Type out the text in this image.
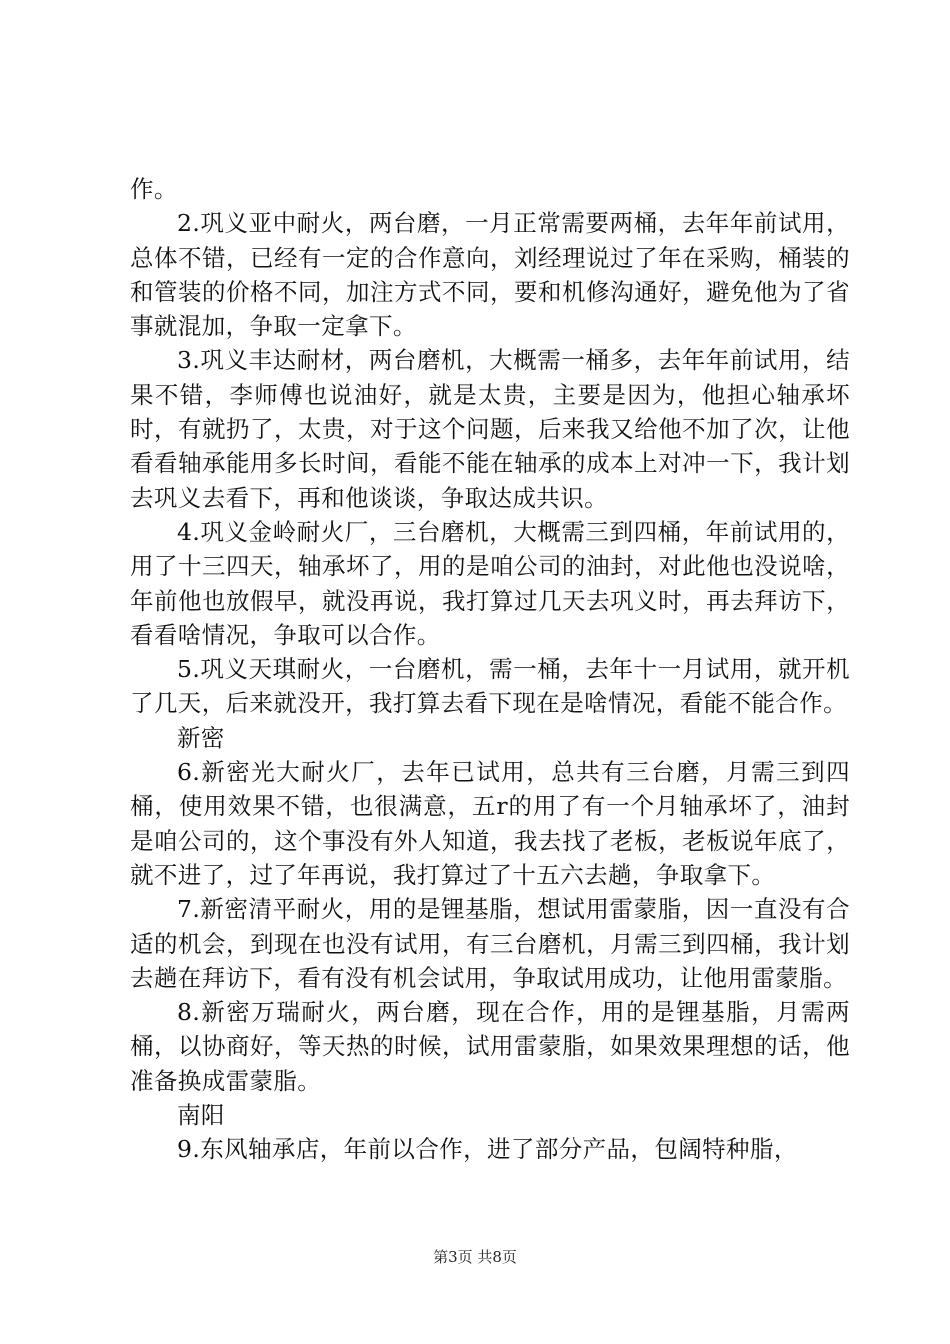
作。

2.巩义亚中耐火，两台磨，一月正常需要两桶，去年年前试用，总体不错，已经有一定的合作意向，刘经理说过了年在采购，桶装的和管装的价格不同，加注方式不同，要和机修沟通好，避免他为了省事就混加，争取一定拿下。

3.巩义丰达耐材，两台磨机，大概需一桶多，去年年前试用，结果不错，李师傅也说油好，就是太贵，主要是因为，他担心轴承坏时，有就扔了，太贵，对于这个问题，后来我又给他不加了次，让他看看轴承能用多长时间，看能不能在轴承的成本上对冲一下，我计划去巩义去看下，再和他谈谈，争取达成共识。

4.巩义金岭耐火厂，三台磨机，大概需三到四桶，年前试用的，用了十三四天，轴承坏了，用的是咱公司的油封，对此他也没说啥，年前他也放假早，就没再说，我打算过几天去巩义时，再去拜访下，看看啥情况，争取可以合作。

5.巩义天琪耐火，一台磨机，需一桶，去年十一月试用，就开机了几天，后来就没开，我打算去看下现在是啥情况，看能不能合作。

新密

6.新密光大耐火厂，去年已试用，总共有三台磨，月需三到四桶，使用效果不错，也很满意，五r的用了有一个月轴承坏了，油封是咱公司的，这个事没有外人知道，我去找了老板，老板说年底了，就不进了，过了年再说，我打算过了十五六去趟，争取拿下。

7.新密清平耐火，用的是锂基脂，想试用雷蒙脂，因一直没有合适的机会，到现在也没有试用，有三台磨机，月需三到四桶，我计划去趟在拜访下，看有没有机会试用，争取试用成功，让他用雷蒙脂。

8.新密万瑞耐火，两台磨，现在合作，用的是锂基脂，月需两桶，以协商好，等天热的时候，试用雷蒙脂，如果效果理想的话，他准备换成雷蒙脂。

南阳

9.东风轴承店，年前以合作，进了部分产品，包阔特种脂，

第3页 共8页
